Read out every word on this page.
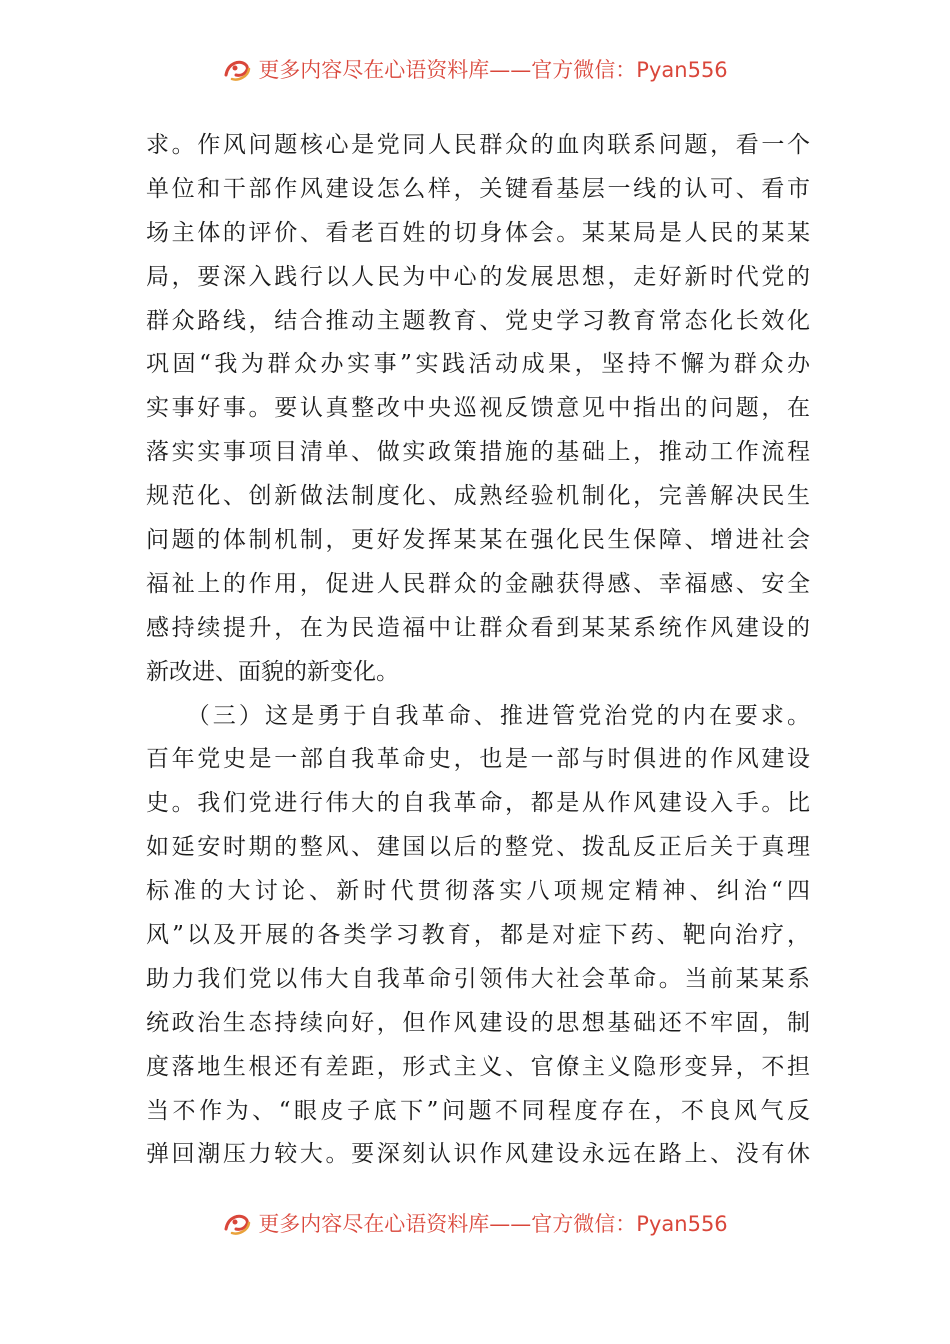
更多内容尽在心语资料库——官方微信：Pyan556
求。作风问题核心是党同人民群众的血肉联系问题，看一个
单位和干部作风建设怎么样，关键看基层一线的认可、看市
场主体的评价、看老百姓的切身体会。某某局是人民的某某
局，要深入践行以人民为中心的发展思想，走好新时代党的
群众路线，结合推动主题教育、党史学习教育常态化长效化
巩固“我为群众办实事”实践活动成果，坚持不懈为群众办
实事好事。要认真整改中央巡视反馈意见中指出的问题，在
落实实事项目清单、做实政策措施的基础上，推动工作流程
规范化、创新做法制度化、成熟经验机制化，完善解决民生
问题的体制机制，更好发挥某某在强化民生保障、增进社会
福祉上的作用，促进人民群众的金融获得感、幸福感、安全
感持续提升，在为民造福中让群众看到某某系统作风建设的
新改进、面貌的新变化。
　　（三）这是勇于自我革命、推进管党治党的内在要求。
百年党史是一部自我革命史，也是一部与时俱进的作风建设
史。我们党进行伟大的自我革命，都是从作风建设入手。比
如延安时期的整风、建国以后的整党、拨乱反正后关于真理
标准的大讨论、新时代贯彻落实八项规定精神、纠治“四
风”以及开展的各类学习教育，都是对症下药、靶向治疗，
助力我们党以伟大自我革命引领伟大社会革命。当前某某系
统政治生态持续向好，但作风建设的思想基础还不牢固，制
度落地生根还有差距，形式主义、官僚主义隐形变异，不担
当不作为、“眼皮子底下”问题不同程度存在，不良风气反
弹回潮压力较大。要深刻认识作风建设永远在路上、没有休
更多内容尽在心语资料库——官方微信：Pyan556
